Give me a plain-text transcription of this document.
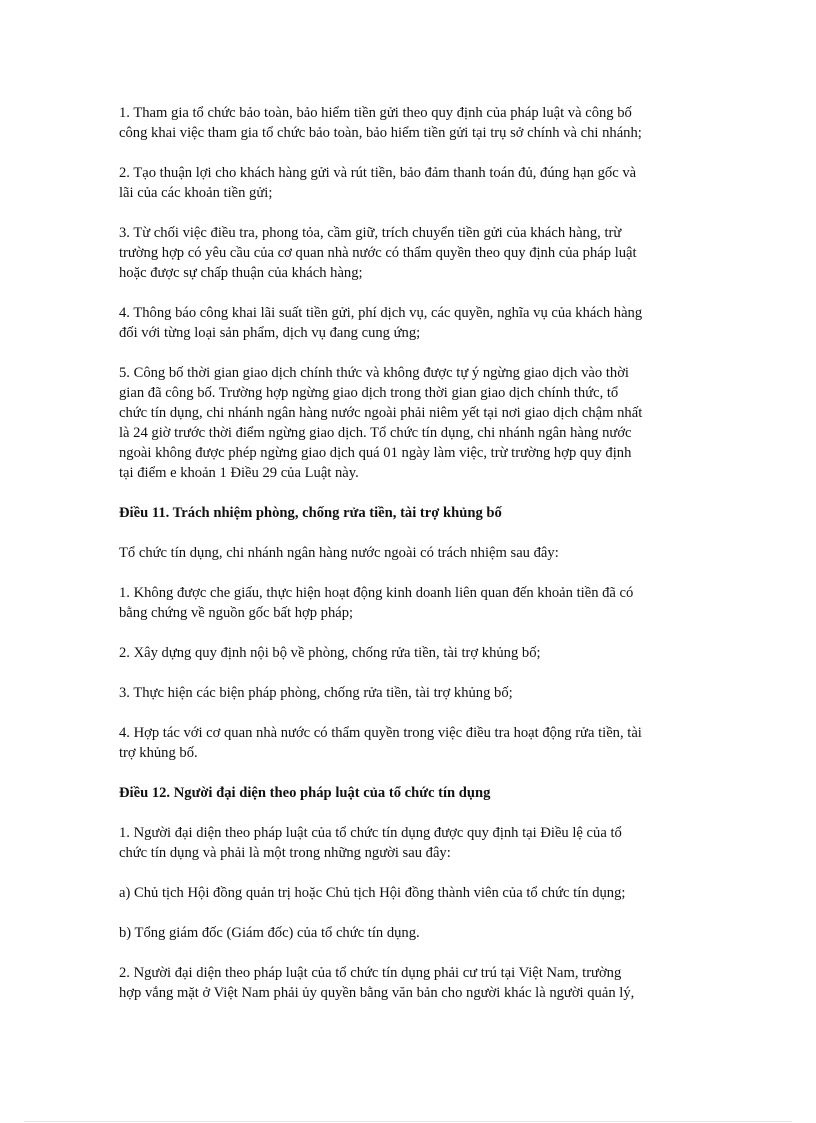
1. Tham gia tổ chức bảo toàn, bảo hiểm tiền gửi theo quy định của pháp luật và công bố
công khai việc tham gia tổ chức bảo toàn, bảo hiểm tiền gửi tại trụ sở chính và chi nhánh;

2. Tạo thuận lợi cho khách hàng gửi và rút tiền, bảo đảm thanh toán đủ, đúng hạn gốc và
lãi của các khoản tiền gửi;

3. Từ chối việc điều tra, phong tỏa, cầm giữ, trích chuyển tiền gửi của khách hàng, trừ
trường hợp có yêu cầu của cơ quan nhà nước có thẩm quyền theo quy định của pháp luật
hoặc được sự chấp thuận của khách hàng;

4. Thông báo công khai lãi suất tiền gửi, phí dịch vụ, các quyền, nghĩa vụ của khách hàng
đối với từng loại sản phẩm, dịch vụ đang cung ứng;

5. Công bố thời gian giao dịch chính thức và không được tự ý ngừng giao dịch vào thời
gian đã công bố. Trường hợp ngừng giao dịch trong thời gian giao dịch chính thức, tổ
chức tín dụng, chi nhánh ngân hàng nước ngoài phải niêm yết tại nơi giao dịch chậm nhất
là 24 giờ trước thời điểm ngừng giao dịch. Tổ chức tín dụng, chi nhánh ngân hàng nước
ngoài không được phép ngừng giao dịch quá 01 ngày làm việc, trừ trường hợp quy định
tại điểm e khoản 1 Điều 29 của Luật này.

Điều 11. Trách nhiệm phòng, chống rửa tiền, tài trợ khủng bố

Tổ chức tín dụng, chi nhánh ngân hàng nước ngoài có trách nhiệm sau đây:

1. Không được che giấu, thực hiện hoạt động kinh doanh liên quan đến khoản tiền đã có
bằng chứng về nguồn gốc bất hợp pháp;

2. Xây dựng quy định nội bộ về phòng, chống rửa tiền, tài trợ khủng bố;

3. Thực hiện các biện pháp phòng, chống rửa tiền, tài trợ khủng bố;

4. Hợp tác với cơ quan nhà nước có thẩm quyền trong việc điều tra hoạt động rửa tiền, tài
trợ khủng bố.

Điều 12. Người đại diện theo pháp luật của tổ chức tín dụng

1. Người đại diện theo pháp luật của tổ chức tín dụng được quy định tại Điều lệ của tổ
chức tín dụng và phải là một trong những người sau đây:

a) Chủ tịch Hội đồng quản trị hoặc Chủ tịch Hội đồng thành viên của tổ chức tín dụng;

b) Tổng giám đốc (Giám đốc) của tổ chức tín dụng.

2. Người đại diện theo pháp luật của tổ chức tín dụng phải cư trú tại Việt Nam, trường
hợp vắng mặt ở Việt Nam phải ủy quyền bằng văn bản cho người khác là người quản lý,
